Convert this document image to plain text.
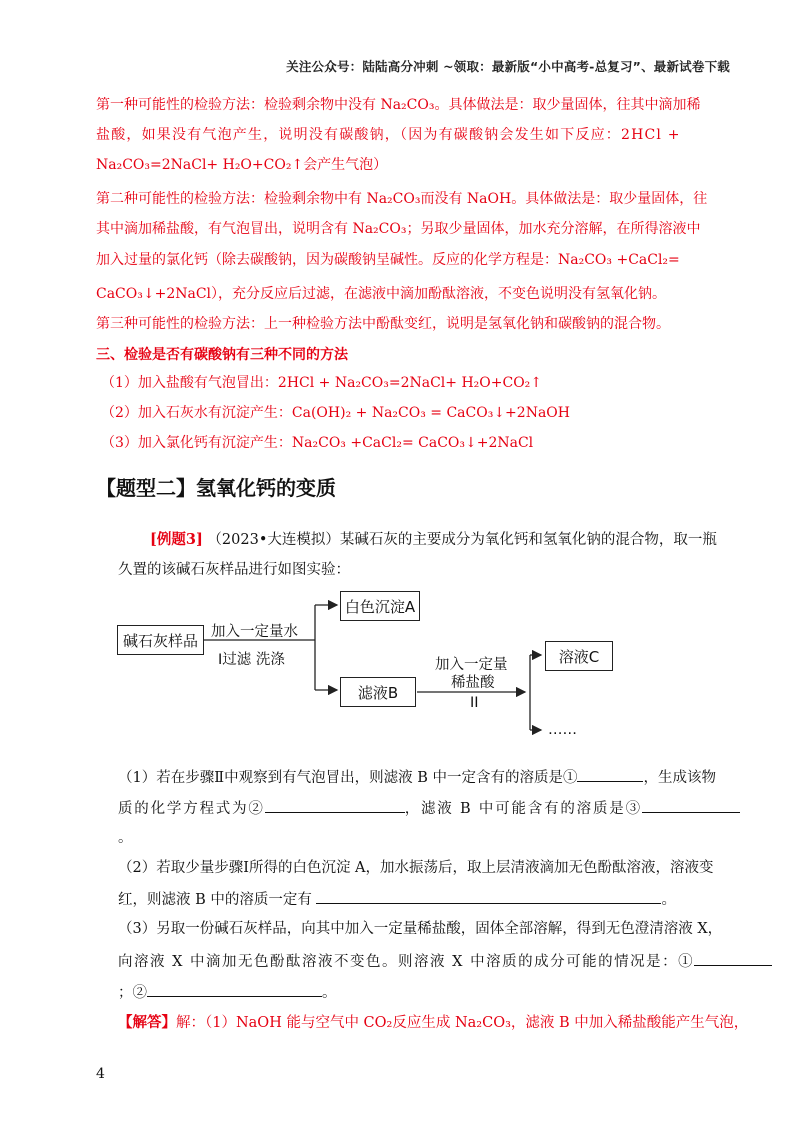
关注公众号：陆陆高分冲刺 ~领取：最新版“小中高考-总复习”、最新试卷下载
第一种可能性的检验方法：检验剩余物中没有 Na₂CO₃。具体做法是：取少量固体，往其中滴加稀
盐酸，如果没有气泡产生，说明没有碳酸钠，（因为有碳酸钠会发生如下反应：2HCl +
Na₂CO₃=2NaCl+ H₂O+CO₂↑会产生气泡）
第二种可能性的检验方法：检验剩余物中有 Na₂CO₃而没有 NaOH。具体做法是：取少量固体，往
其中滴加稀盐酸，有气泡冒出，说明含有 Na₂CO₃；另取少量固体，加水充分溶解，在所得溶液中
加入过量的氯化钙（除去碳酸钠，因为碳酸钠呈碱性。反应的化学方程是：Na₂CO₃ +CaCl₂=
CaCO₃↓+2NaCl），充分反应后过滤，在滤液中滴加酚酞溶液，不变色说明没有氢氧化钠。
第三种可能性的检验方法：上一种检验方法中酚酞变红，说明是氢氧化钠和碳酸钠的混合物。
三、检验是否有碳酸钠有三种不同的方法
（1）加入盐酸有气泡冒出：2HCl + Na₂CO₃=2NaCl+ H₂O+CO₂↑
（2）加入石灰水有沉淀产生：Ca(OH)₂ + Na₂CO₃ = CaCO₃↓+2NaOH
（3）加入氯化钙有沉淀产生：Na₂CO₃ +CaCl₂= CaCO₃↓+2NaCl
【题型二】氢氧化钙的变质
[例题3] （2023•大连模拟）某碱石灰的主要成分为氧化钙和氢氧化钠的混合物，取一瓶
久置的该碱石灰样品进行如图实验：
碱石灰样品
白色沉淀A
滤液B
溶液C
加入一定量水
I过滤 洗涤	加入一定量
稀盐酸
II
……
（1）若在步骤Ⅱ中观察到有气泡冒出，则滤液 B 中一定含有的溶质是①	，生成该物
质的化学方程式为②	，滤液 B 中可能含有的溶质是③
。
（2）若取少量步骤Ⅰ所得的白色沉淀 A，加水振荡后，取上层清液滴加无色酚酞溶液，溶液变
红，则滤液 B 中的溶质一定有	。
（3）另取一份碱石灰样品，向其中加入一定量稀盐酸，固体全部溶解，得到无色澄清溶液 X，
向溶液 X 中滴加无色酚酞溶液不变色。则溶液 X 中溶质的成分可能的情况是：①
；②	。
【解答】解：（1）NaOH 能与空气中 CO₂反应生成 Na₂CO₃，滤液 B 中加入稀盐酸能产生气泡，
4
